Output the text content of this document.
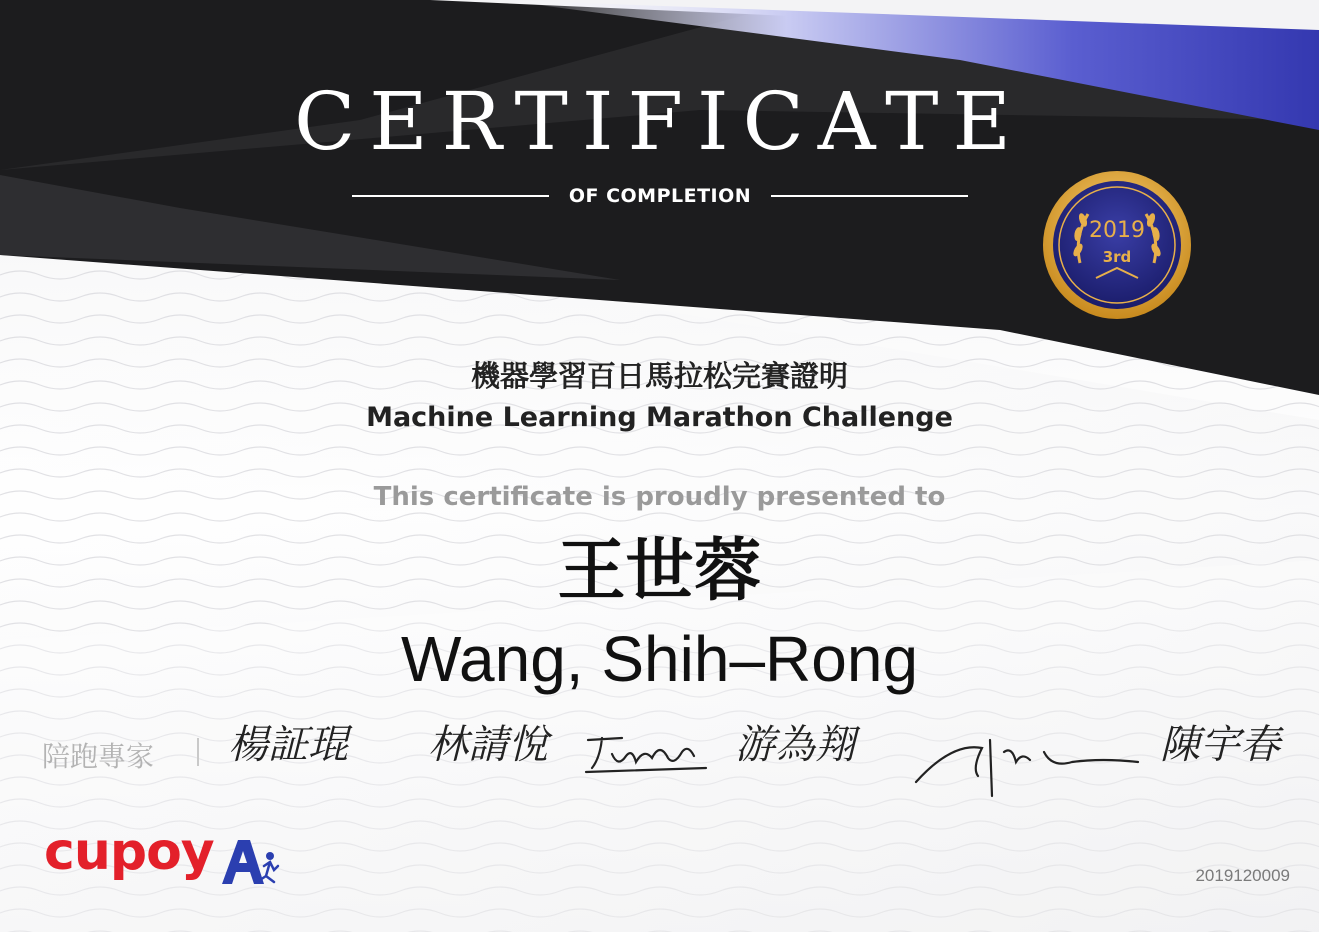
CERTIFICATE
OF COMPLETION
2019
3rd
機器學習百日馬拉松完賽證明
Machine Learning Marathon Challenge
This certificate is proudly presented to
王世蓉
Wang, Shih–Rong
陪跑專家 楊証琨 林請悅	游為翔	陳宇春
cupoy	2019120009
